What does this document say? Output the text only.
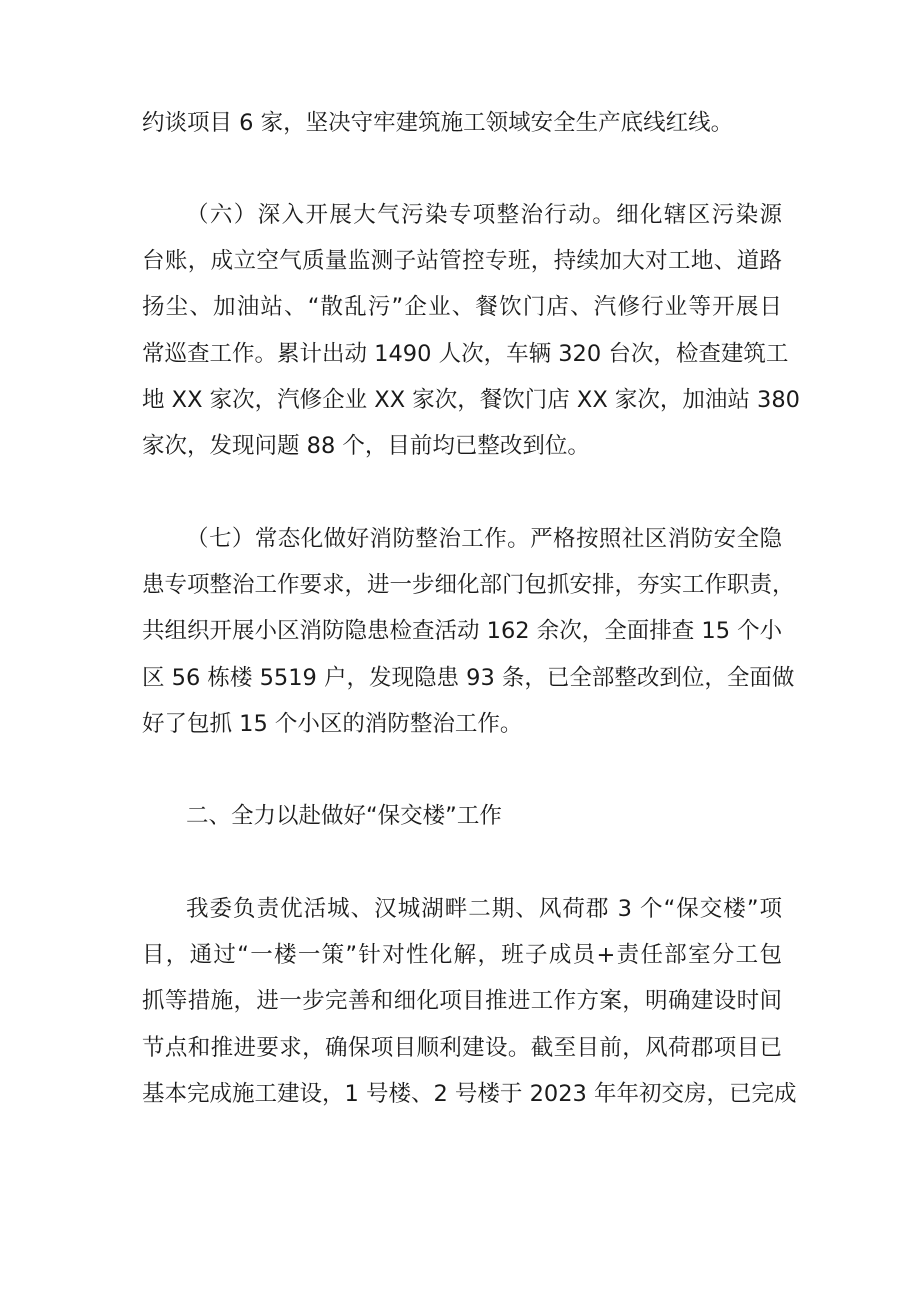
约谈项目 6 家，坚决守牢建筑施工领域安全生产底线红线。
（六）深入开展大气污染专项整治行动。细化辖区污染源
台账，成立空气质量监测子站管控专班，持续加大对工地、道路
扬尘、加油站、“散乱污”企业、餐饮门店、汽修行业等开展日
常巡查工作。累计出动 1490 人次，车辆 320 台次，检查建筑工
地 XX 家次，汽修企业 XX 家次，餐饮门店 XX 家次，加油站 380
家次，发现问题 88 个，目前均已整改到位。
（七）常态化做好消防整治工作。严格按照社区消防安全隐
患专项整治工作要求，进一步细化部门包抓安排，夯实工作职责，
共组织开展小区消防隐患检查活动 162 余次，全面排查 15 个小
区 56 栋楼 5519 户，发现隐患 93 条，已全部整改到位，全面做
好了包抓 15 个小区的消防整治工作。
二、全力以赴做好“保交楼”工作
我委负责优活城、汉城湖畔二期、风荷郡 3 个“保交楼”项
目，通过“一楼一策”针对性化解，班子成员+责任部室分工包
抓等措施，进一步完善和细化项目推进工作方案，明确建设时间
节点和推进要求，确保项目顺利建设。截至目前，风荷郡项目已
基本完成施工建设，1 号楼、2 号楼于 2023 年年初交房，已完成
